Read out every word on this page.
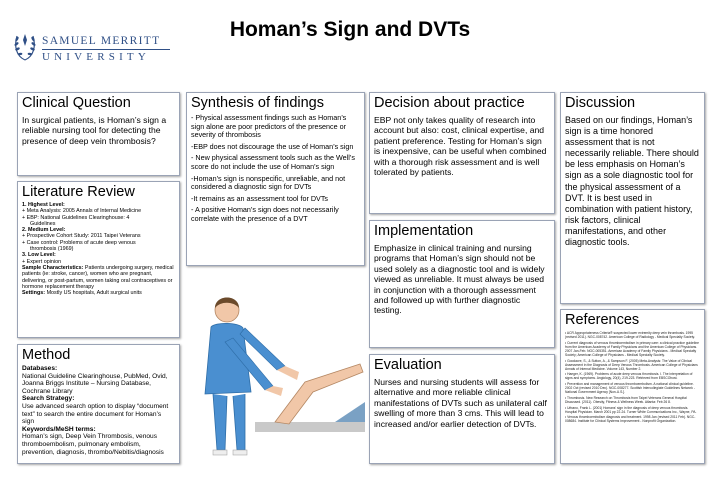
SAMUEL MERRITT
UNIVERSITY
Homan’s Sign and DVTs
Clinical Question

In surgical patients, is Homan’s sign a reliable nursing tool for detecting the presence of deep vein thrombosis?

Literature Review

1. Highest Level:

+ Meta Analysis: 2005 Annals of Internal Medicine

+ EBP: National Guidelines Clearinghouse: 4

Guidelines

2. Medium Level:

+ Prospective Cohort Study: 2011 Taipei Veterans

+ Case control: Problems of acute deep venous

thrombosis (1969)

3. Low Level:

+ Expert opinion

Sample Characteristics: Patients undergoing surgery, medical patients (ie: stroke, cancer), women who are pregnant, delivering, or post-partum, women taking oral contraceptives or hormone replacement therapy

Settings: Mostly US hospitals, Adult surgical units

Method

Databases:

National Guideline Clearinghouse, PubMed, Ovid, Joanna Briggs Institute – Nursing Database, Cochrane Library

Search Strategy:

Use advanced search option to display “document text” to search the entire document for Homan’s sign

Keywords/MeSH terms:

Homan’s sign, Deep Vein Thrombosis, venous thromboembolism, pulmonary embolism, prevention, diagnosis, thrombo/Nebitis/diagnosis

Synthesis of findings

- Physical assessment findings such as Homan’s sign alone are poor predictors of the presence or severity of thrombosis

-EBP does not discourage the use of Homan’s sign

- New physical assessment tools such as the Well’s score do not include the use of Homan’s sign

-Homan’s sign is nonspecific, unreliable, and not considered a diagnostic sign for DVTs

-It remains as an assessment tool for DVTs

- A positive Homan’s sign does not necessarily correlate with the presence of a DVT

Decision about practice

EBP not only takes quality of research into account but also: cost, clinical expertise, and patient preference. Testing for Homan’s sign is inexpensive, can be useful when combined with a thorough risk assessment and is well tolerated by patients.

Implementation

Emphasize in clinical training and nursing programs that Homan’s sign should not be used solely as a diagnostic tool and is widely viewed as unreliable. It must always be used in conjunction with a thorough assessment and followed up with further diagnostic testing.

Evaluation

Nurses and nursing students will assess for alternative and more reliable clinical manifestations of DVTs such as unilateral calf swelling of more than 3 cms. This will lead to increased and/or earlier detection of DVTs.

Discussion

Based on our findings, Homan’s sign is a time honored assessment that is not necessarily reliable. There should be less emphasis on Homan’s sign as a sole diagnostic tool for the physical assessment of a DVT. It is best used in combination with patient history, risk factors, clinical manifestations, and other diagnostic tools.

References

• ACR Appropriateness Criteria® suspected lower extremity deep vein thrombosis. 1995 (revised 2011). NGC-008742. American College of Radiology - Medical Specialty Society.

• Current diagnosis of venous thromboembolism in primary care: a clinical practice guideline from the American Academy of Family Physicians and the American College of Physicians. 2007 Jan-Feb. NGC-005351. American Academy of Family Physicians - Medical Specialty Society; American College of Physicians - Medical Specialty Society.

• Goodacre, S., & Sutton, A., & Sampson F. (2005) Meta-Analysis: The Value of Clinical Assessment in the Diagnosis of Deep Venous Thrombosis. American College of Physicians Annals of Internal Medicine. Volume 143, Number 2.

• Haeger, K. (1969). Problems of acute deep venous thrombosis. I. The interpretation of signs and symptoms. Angiology, 20(4), 219-223. Retrieved from EBSCOhost.

• Prevention and management of venous thromboembolism. A national clinical guideline. 2002 Oct (revised 2010 Dec). NGC-008277. Scottish Intercollegiate Guidelines Network - National Government Agency [Non-U.S.].

• Thrombosis. New Research on Thrombosis from Taipei Veterans General Hospital Discussed. (2011). Obesity, Fitness & Wellness Week. Atlanta: Feb 26 8.

• Urbano, Frank L. (2001) Homans' sign in the diagnosis of deep venous thrombosis. Hospital Physician. March 2001 pp 22-24. Turner White Communications Inc., Wayne, PA.

• Venous thromboembolism diagnosis and treatment. 1998 Jan (revised 2011 Feb). NGC-008684. Institute for Clinical Systems Improvement - Nonprofit Organization.
